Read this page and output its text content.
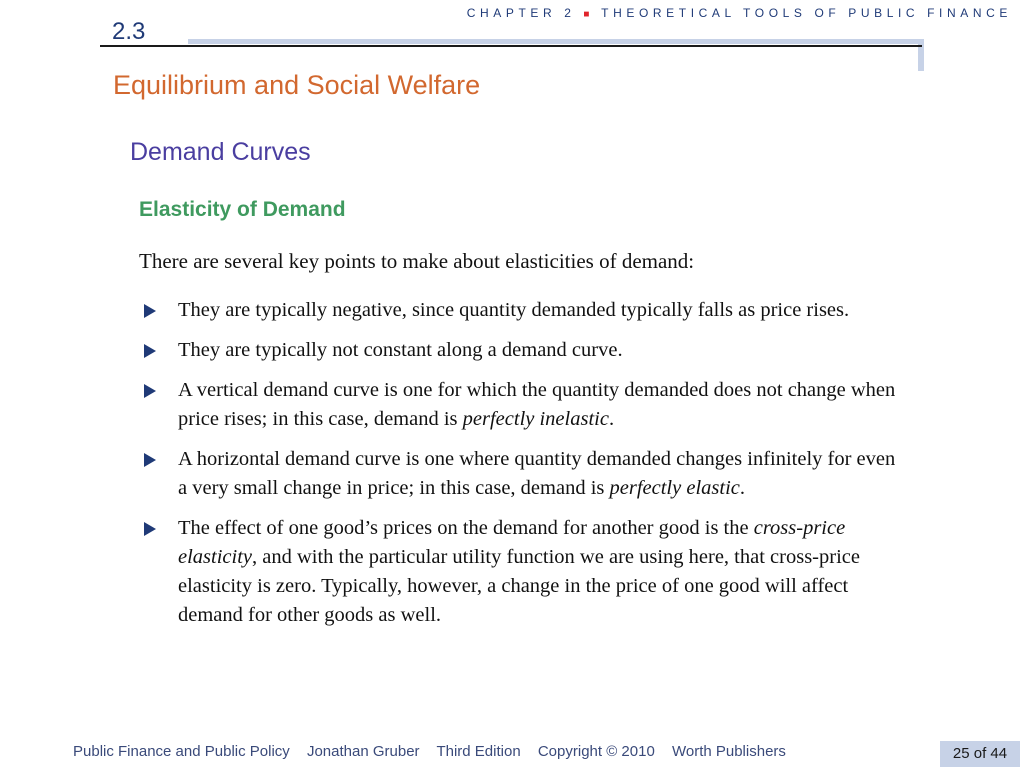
CHAPTER 2 ■ THEORETICAL TOOLS OF PUBLIC FINANCE
2.3
Equilibrium and Social Welfare
Demand Curves
Elasticity of Demand
There are several key points to make about elasticities of demand:
They are typically negative, since quantity demanded typically falls as price rises.
They are typically not constant along a demand curve.
A vertical demand curve is one for which the quantity demanded does not change when price rises; in this case, demand is perfectly inelastic.
A horizontal demand curve is one where quantity demanded changes infinitely for even a very small change in price; in this case, demand is perfectly elastic.
The effect of one good’s prices on the demand for another good is the cross-price elasticity, and with the particular utility function we are using here, that cross-price elasticity is zero. Typically, however, a change in the price of one good will affect demand for other goods as well.
Public Finance and Public Policy Jonathan Gruber Third Edition Copyright © 2010 Worth Publishers	25 of 44
